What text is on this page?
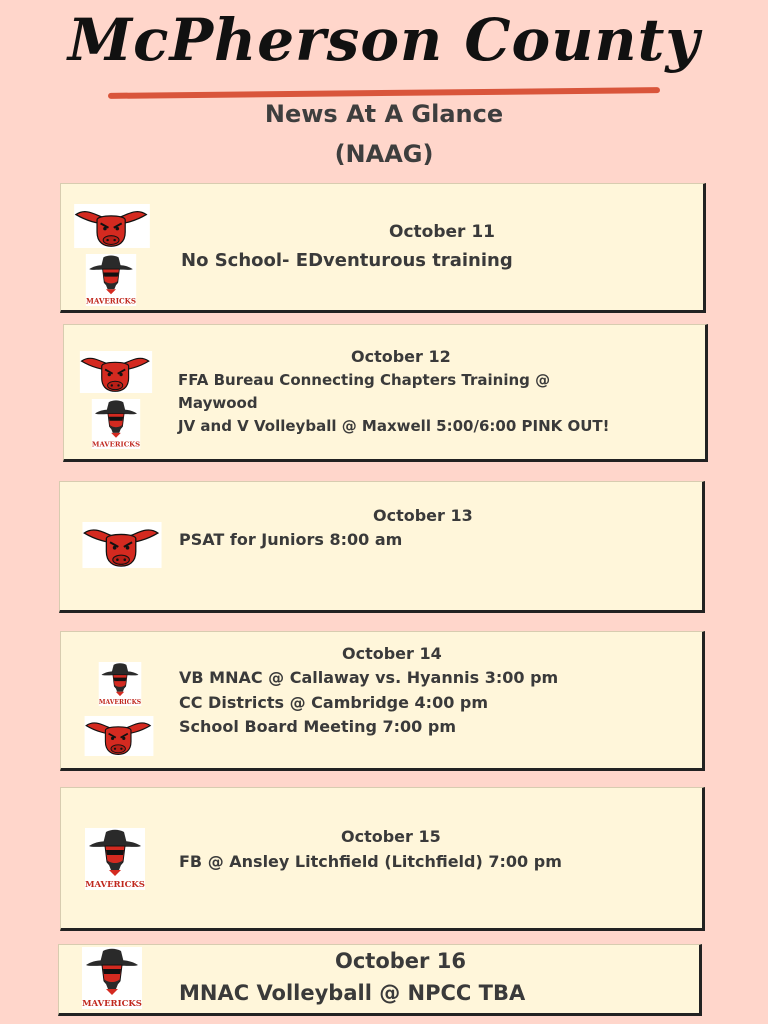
McPherson County
News At A Glance
(NAAG)
MAVERICKS
October 11
No School- EDventurous training
MAVERICKS
October 12
FFA Bureau Connecting Chapters Training @
Maywood
JV and V Volleyball @ Maxwell 5:00/6:00 PINK OUT!
October 13
PSAT for Juniors 8:00 am
MAVERICKS
October 14
VB MNAC @ Callaway vs. Hyannis 3:00 pm
CC Districts @ Cambridge 4:00 pm
School Board Meeting 7:00 pm
MAVERICKS
October 15
FB @ Ansley Litchfield (Litchfield) 7:00 pm
MAVERICKS
October 16
MNAC Volleyball @ NPCC TBA
